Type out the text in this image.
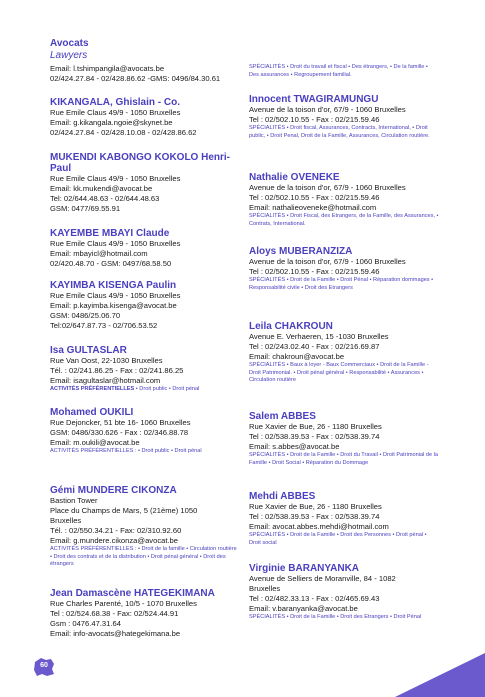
Avocats
Lawyers
Email: l.tshimpangila@avocats.be
02/424.27.84 - 02/428.86.62 -GMS: 0496/84.30.61
KIKANGALA, Ghislain - Co.
Rue Emile Claus 49/9 - 1050 Bruxelles
Email: g.kikangala.ngoie@skynet.be
02/424.27.84 - 02/428.10.08 - 02/428.86.62
MUKENDI KABONGO KOKOLO Henri-Paul
Rue Emile Claus 49/9 - 1050 Bruxelles
Email: kk.mukendi@avocat.be
Tel: 02/644.48.63 - 02/644.48.63
GSM: 0477/69.55.91
KAYEMBE MBAYI Claude
Rue Emile Claus 49/9 - 1050 Bruxelles
Email: mbayicl@hotmail.com
02/420.48.70 - GSM: 0497/68.58.50
KAYIMBA KISENGA Paulin
Rue Emile Claus 49/9 - 1050 Bruxelles
Email: p.kayimba.kisenga@avocat.be
GSM: 0486/25.06.70
Tel:02/647.87.73 - 02/706.53.52
Isa GULTASLAR
Rue Van Oost, 22-1030 Bruxelles
Tél. : 02/241.86.25 - Fax : 02/241.86.25
Email: isagultaslar@hotmail.com
ACTIVITÉS PRÉFÉRENTIELLES • Droit public • Droit pénal
Mohamed OUKILI
Rue Dejoncker, 51 bte 16- 1060 Bruxelles
GSM: 0486/330.626 - Fax : 02/346.88.78
Email: m.oukili@avocat.be
ACTIVITÉS PRÉFÉRENTIELLES : • Droit public • Droit pénal
Gémi MUNDERE CIKONZA
Bastion Tower
Place du Champs de Mars, 5 (21ème) 1050
Bruxelles
Tél. : 02/550.34.21 - Fax: 02/310.92.60
Email: g.mundere.cikonza@avocat.be
ACTIVITÉS PRÉFÉRENTIELLES : • Droit de la famille • Circulation routière • Droit des contrats et de la distribution • Droit pénal général • Droit des étrangers
Jean Damascène HATEGEKIMANA
Rue Charles Parenté, 10/5 - 1070 Bruxelles
Tel : 02/524.68.38 - Fax: 02/524.44.91
Gsm : 0476.47.31.64
Email: info-avocats@hategekimana.be
SPÉCIALITÉS • Droit du travail et fiscal • Des étrangers, • De la famille • Des assurances • Regroupement familial.
Innocent TWAGIRAMUNGU
Avenue de la toison d'or, 67/9 - 1060 Bruxelles
Tel : 02/502.10.55 - Fax : 02/215.59.46
SPÉCIALITÉS • Droit fiscal, Assurances, Contracts, International, • Droit public, • Droit Penal, Droit de la Famille, Assurances, Circulation routière.
Nathalie OVENEKE
Avenue de la toison d'or, 67/9 - 1060 Bruxelles
Tel : 02/502.10.55 - Fax : 02/215.59.46
Email: nathalieoveneke@hotmail.com
SPÉCIALITÉS • Droit Fiscal, des Etrangers, de la Famille, des Assurances, • Contrats, International.
Aloys MUBERANZIZA
Avenue de la toison d'or, 67/9 - 1060 Bruxelles
Tel : 02/502.10.55 - Fax : 02/215.59.46
SPÉCIALITÉS • Droit de la Famille • Droit Pénal • Réparation dommages • Responsabilité civile • Droit des Etrangers
Leila CHAKROUN
Avenue E. Verhaeren, 15 -1030 Bruxelles
Tel : 02/243.02.40 - Fax : 02/216.69.87
Email: chakroun@avocat.be
SPÉCIALITÉS • Baux à loyer - Baux Commerciaux • Droit de la Famille - Droit Patrimonial. • Droit pénal général • Responsabilité • Assurances • Circulation routière
Salem ABBES
Rue Xavier de Bue, 26 - 1180 Bruxelles
Tel : 02/538.39.53 - Fax : 02/538.39.74
Email: s.abbes@avocat.be
SPÉCIALITÉS • Droit de la Famille • Droit du Travail • Droit Patrimonial de la Famille • Droit Social • Réparation du Dommage
Mehdi ABBES
Rue Xavier de Bue, 26 - 1180 Bruxelles
Tel : 02/538.39.53 - Fax : 02/538.39.74
Email: avocat.abbes.mehdi@hotmail.com
SPÉCIALITÉS • Droit de la Famille • Droit des Personnes • Droit pénal • Droit social
Virginie BARANYANKA
Avenue de Selliers de Moranville, 84 - 1082
Bruxelles
Tel : 02/482.33.13 - Fax : 02/465.69.43
Email: v.baranyanka@avocat.be
SPÉCIALITÉS • Droit de la Famille • Droit des Etrangers • Droit Pénal
60
